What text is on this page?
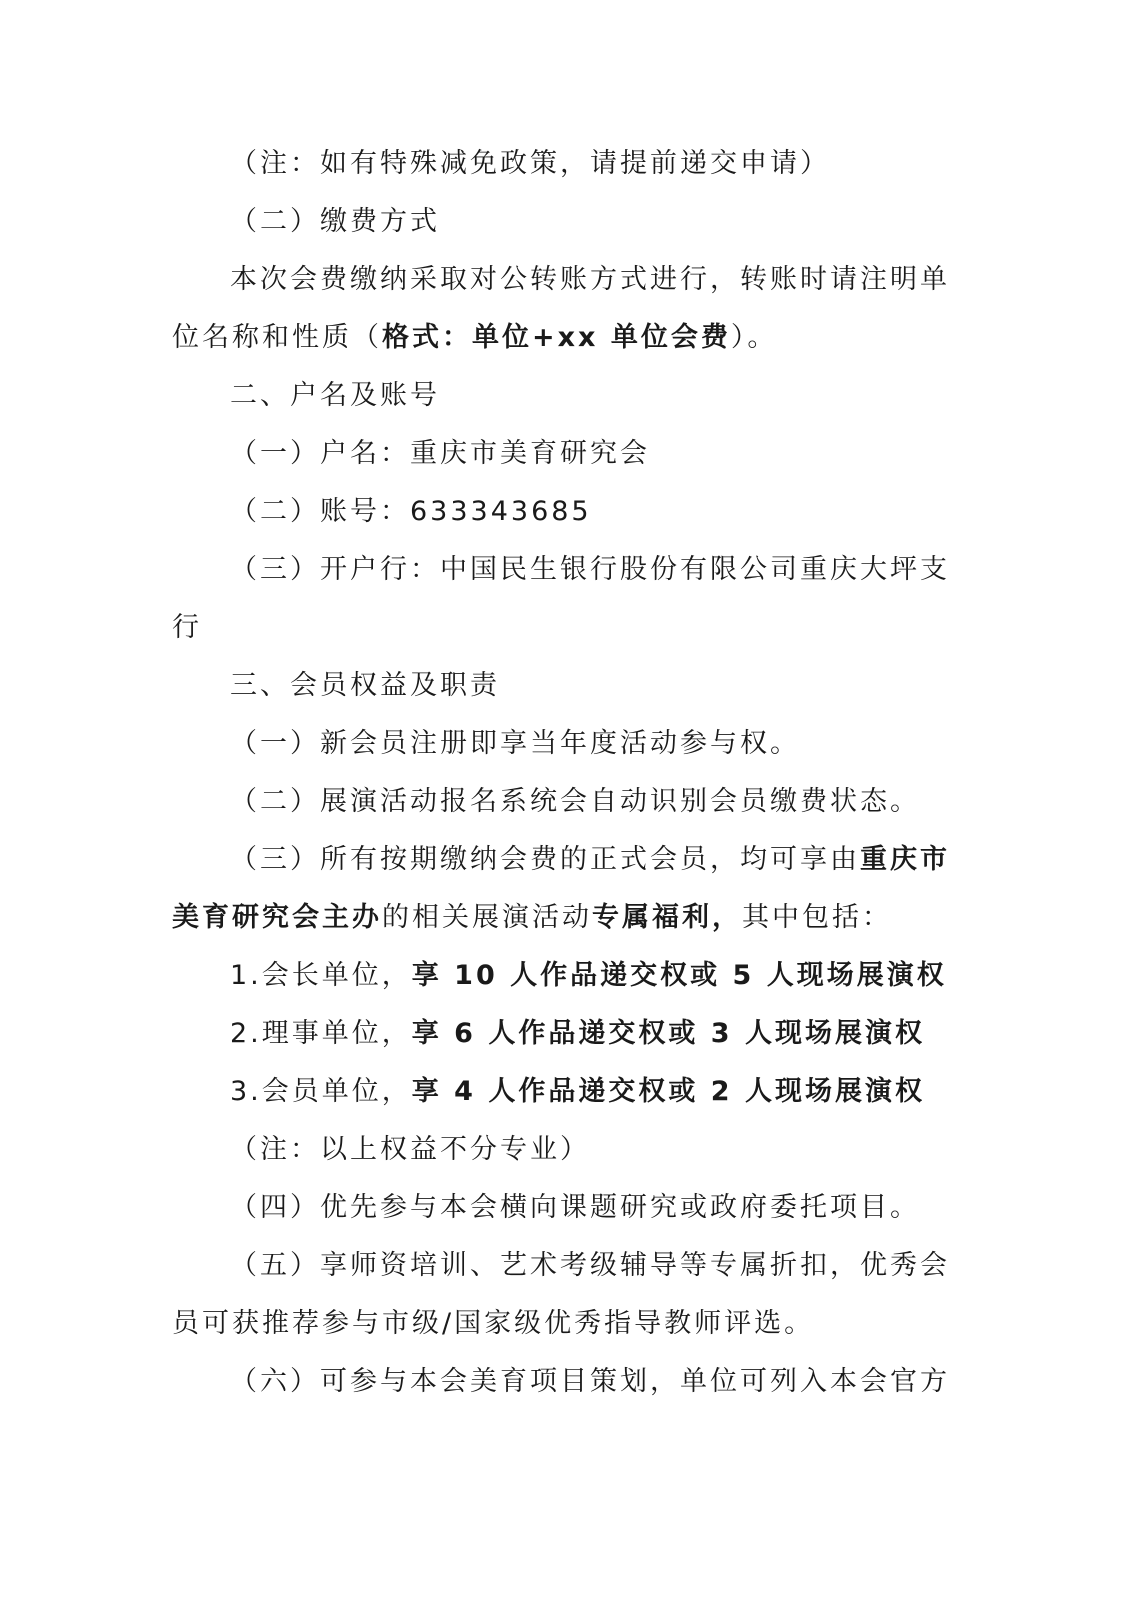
（注：如有特殊减免政策，请提前递交申请）
（二）缴费方式
本次会费缴纳采取对公转账方式进行，转账时请注明单
位名称和性质（格式：单位+xx 单位会费）。
二、户名及账号
（一）户名：重庆市美育研究会
（二）账号：633343685
（三）开户行：中国民生银行股份有限公司重庆大坪支
行
三、会员权益及职责
（一）新会员注册即享当年度活动参与权。
（二）展演活动报名系统会自动识别会员缴费状态。
（三）所有按期缴纳会费的正式会员，均可享由重庆市
美育研究会主办的相关展演活动专属福利，其中包括：
1.会长单位，享 10 人作品递交权或 5 人现场展演权
2.理事单位，享 6 人作品递交权或 3 人现场展演权
3.会员单位，享 4 人作品递交权或 2 人现场展演权
（注：以上权益不分专业）
（四）优先参与本会横向课题研究或政府委托项目。
（五）享师资培训、艺术考级辅导等专属折扣，优秀会
员可获推荐参与市级/国家级优秀指导教师评选。
（六）可参与本会美育项目策划，单位可列入本会官方
